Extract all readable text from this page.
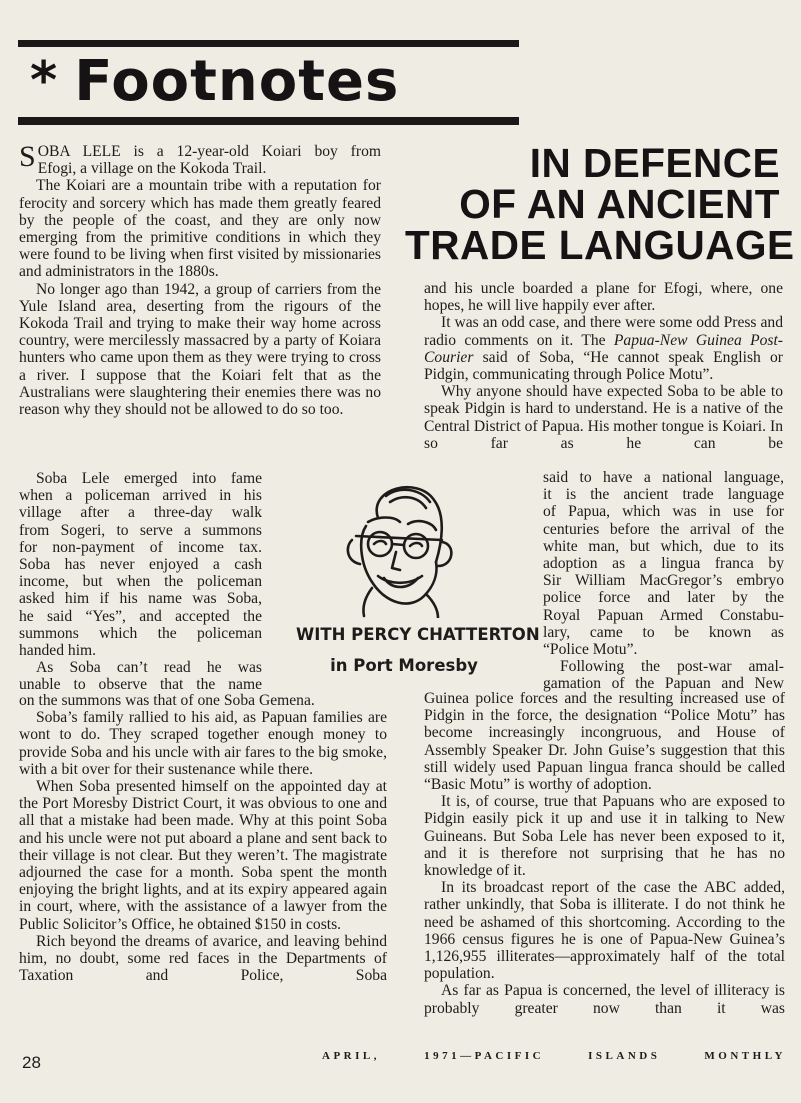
* Footnotes
IN DEFENCE
OF AN ANCIENT
TRADE LANGUAGE

S OBA LELE is a 12-year-old Koiari boy from
Efogi, a village on the Kokoda Trail.

The Koiari are a mountain tribe with a reputation for ferocity and sorcery which has made them greatly feared by the people of the coast, and they are only now emerging from the primitive conditions in which they were found to be living when first visited by missionaries and administrators in the 1880s.

No longer ago than 1942, a group of carriers from the Yule Island area, deserting from the rigours of the Kokoda Trail and trying to make their way home across country, were mercilessly massacred by a party of Koiara hunters who came upon them as they were trying to cross a river. I suppose that the Koiari felt that as the Australians were slaughtering their enemies there was no reason why they should not be allowed to do so too.

Soba Lele emerged into fame
when a policeman arrived in his
village after a three-day walk
from Sogeri, to serve a summons
for non-payment of income tax.
Soba has never enjoyed a cash
income, but when the policeman
asked him if his name was Soba,
he said “Yes”, and accepted the
summons which the policeman
handed him.
As Soba can’t read he was
unable to observe that the name
WITH PERCY CHATTERTON
in Port Moresby

on the summons was that of one Soba Gemena.

Soba’s family rallied to his aid, as Papuan families are wont to do. They scraped together enough money to provide Soba and his uncle with air fares to the big smoke, with a bit over for their sustenance while there.

When Soba presented himself on the appointed day at the Port Moresby District Court, it was obvious to one and all that a mistake had been made. Why at this point Soba and his uncle were not put aboard a plane and sent back to their village is not clear. But they weren’t. The magistrate adjourned the case for a month. Soba spent the month enjoying the bright lights, and at its expiry appeared again in court, where, with the assistance of a lawyer from the Public Solicitor’s Office, he obtained $150 in costs.

Rich beyond the dreams of avarice, and leaving behind him, no doubt, some red faces in the Departments of Taxation and Police, Soba

and his uncle boarded a plane for Efogi, where, one hopes, he will live happily ever after.

It was an odd case, and there were some odd Press and radio comments on it. The Papua-New Guinea Post-Courier said of Soba, “He cannot speak English or Pidgin, communicating through Police Motu”.

Why anyone should have expected Soba to be able to speak Pidgin is hard to understand. He is a native of the Central District of Papua. His mother tongue is Koiari. In so far as he can be

said to have a national language,
it is the ancient trade language
of Papua, which was in use for
centuries before the arrival of the
white man, but which, due to its
adoption as a lingua franca by
Sir William MacGregor’s embryo
police force and later by the
Royal Papuan Armed Constabu-
lary, came to be known as
“Police Motu”.
Following the post-war amal-
gamation of the Papuan and New

Guinea police forces and the resulting increased use of Pidgin in the force, the designation “Police Motu” has become increasingly incongruous, and House of Assembly Speaker Dr. John Guise’s suggestion that this still widely used Papuan lingua franca should be called “Basic Motu” is worthy of adoption.

It is, of course, true that Papuans who are exposed to Pidgin easily pick it up and use it in talking to New Guineans. But Soba Lele has never been exposed to it, and it is therefore not surprising that he has no knowledge of it.

In its broadcast report of the case the ABC added, rather unkindly, that Soba is illiterate. I do not think he need be ashamed of this shortcoming. According to the 1966 census figures he is one of Papua-New Guinea’s 1,126,955 illiterates—approximately half of the total population.

As far as Papua is concerned, the level of illiteracy is probably greater now than it was

28	APRIL,	1971—PACIFIC	ISLANDS	MONTHLY
